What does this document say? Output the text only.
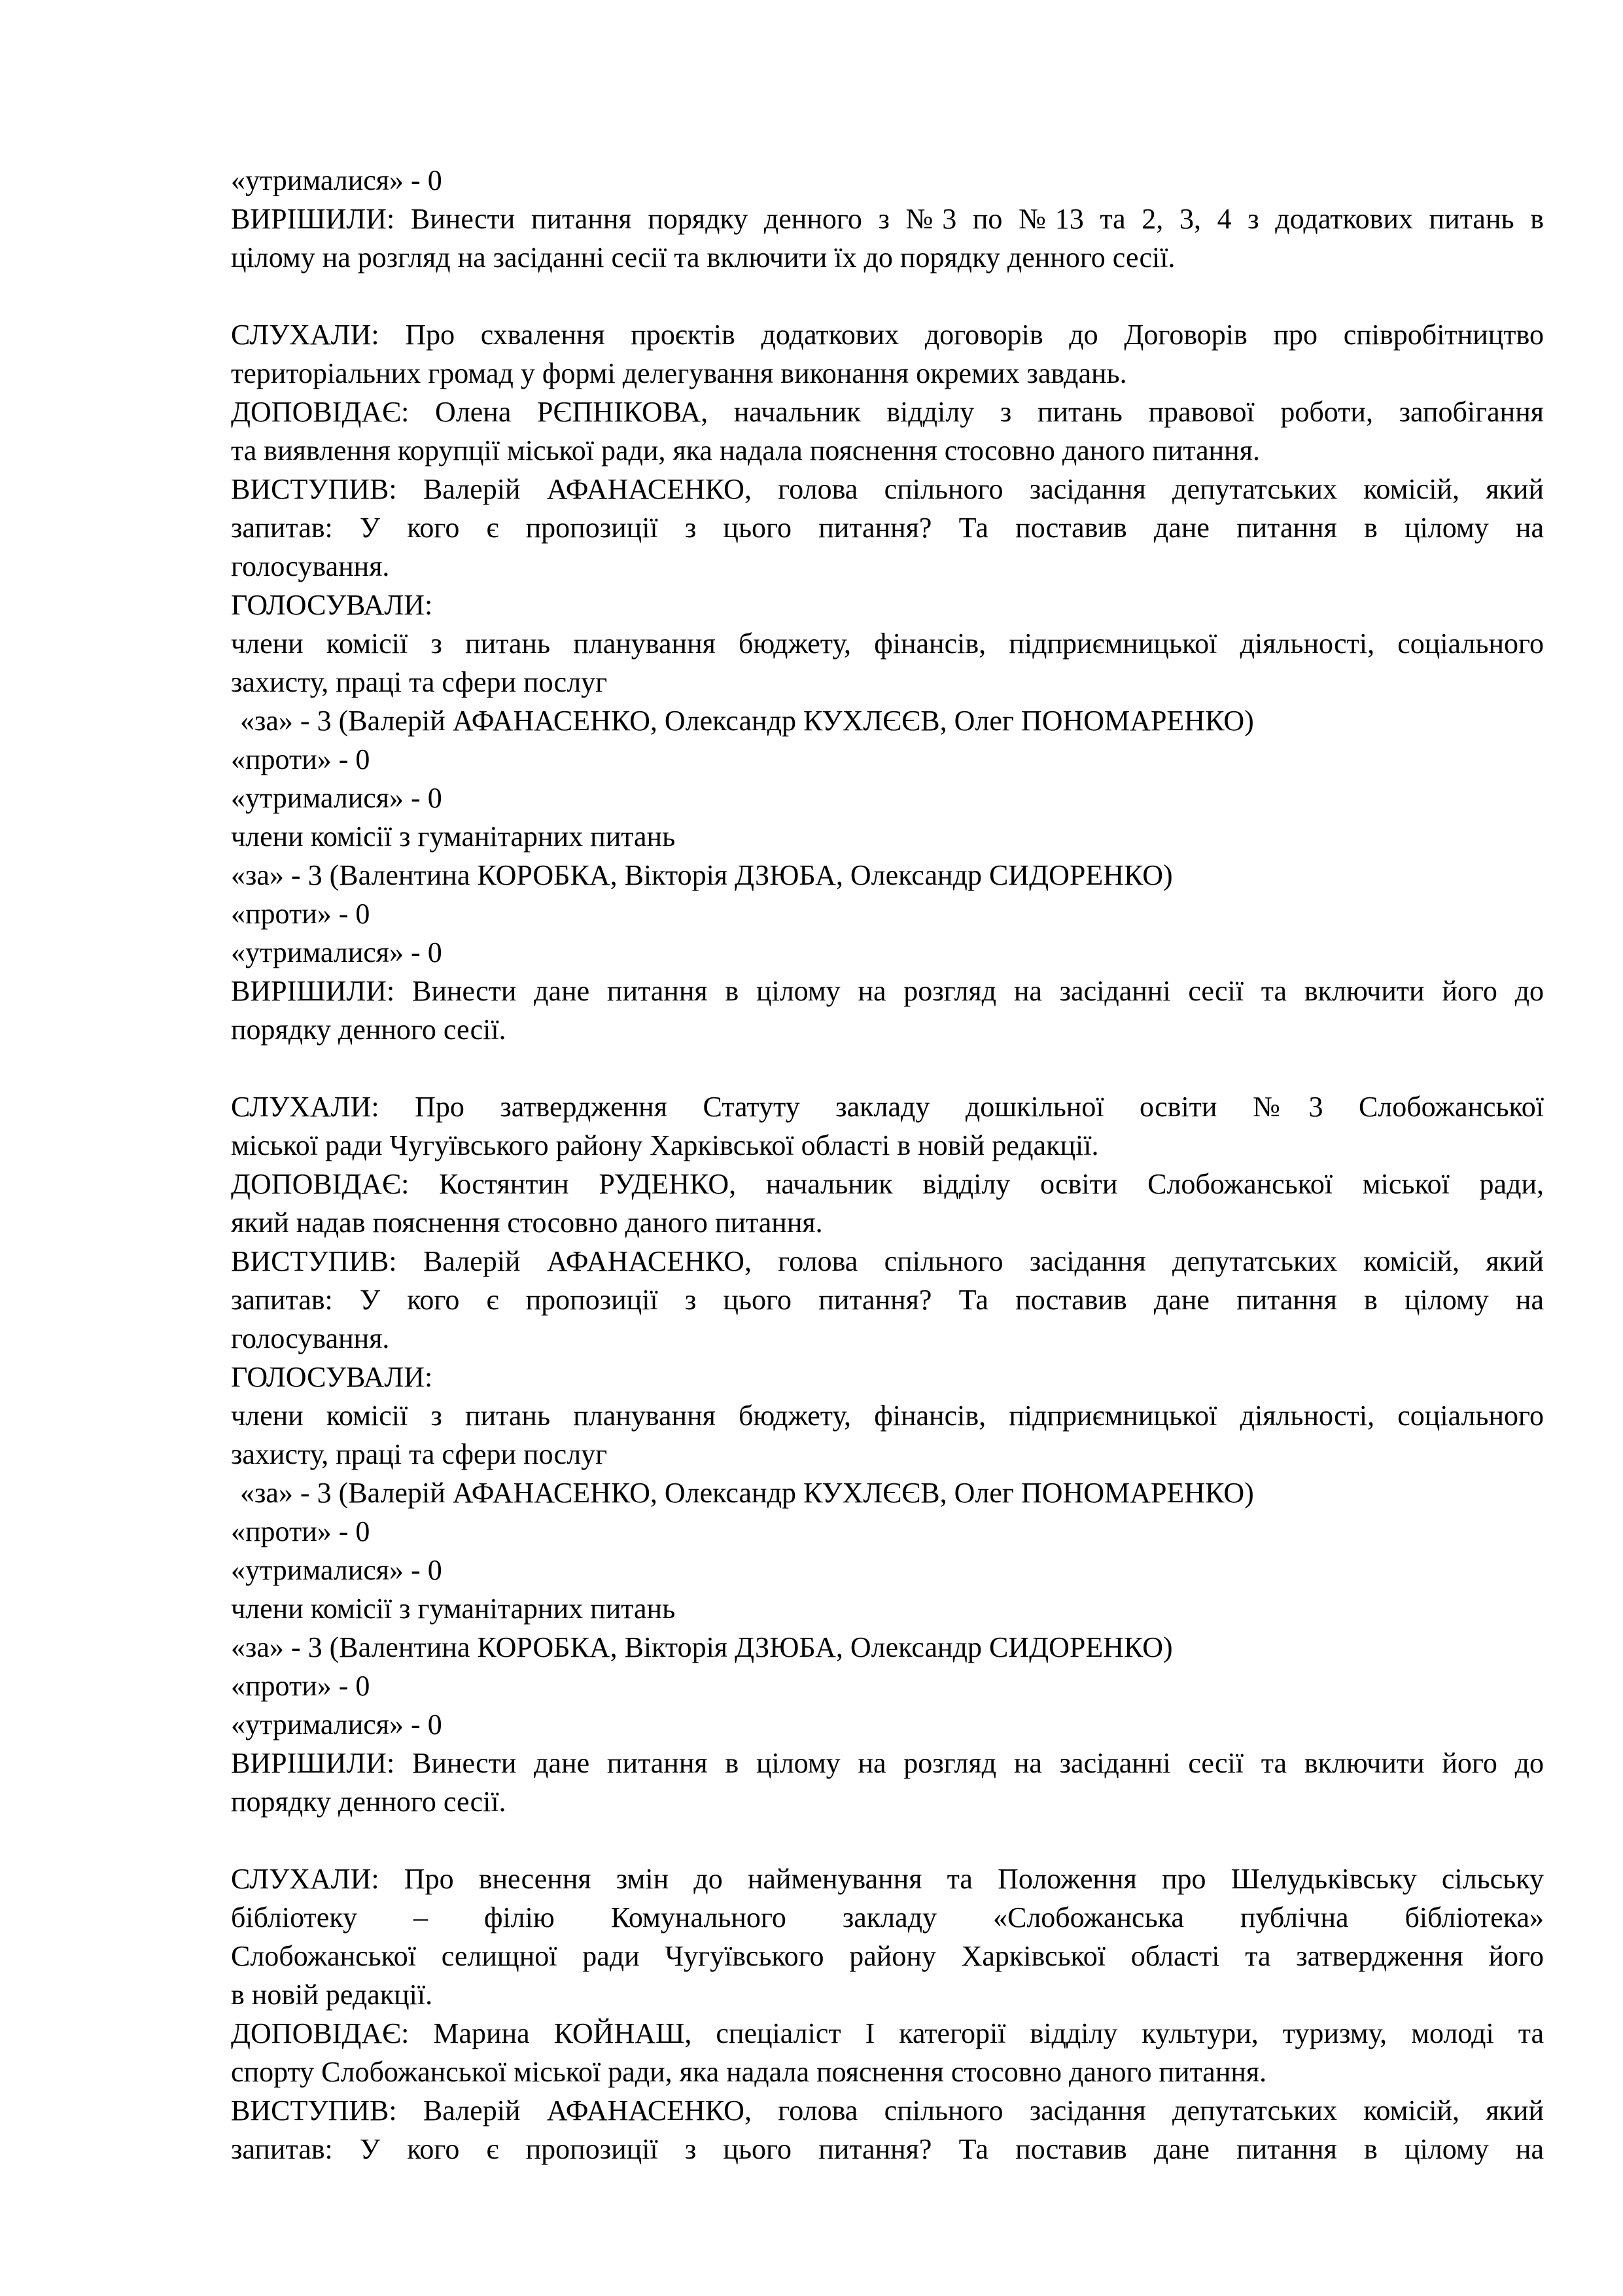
«утрималися» - 0
ВИРІШИЛИ: Винести питання порядку денного з №3 по №13 та 2, 3, 4 з додаткових питань в
цілому на розгляд на засіданні сесії та включити їх до порядку денного сесії.
СЛУХАЛИ: Про схвалення проєктів додаткових договорів до Договорів про співробітництво
територіальних громад у формі делегування виконання окремих завдань.
ДОПОВІДАЄ: Олена РЄПНІКОВА, начальник відділу з питань правової роботи, запобігання
та виявлення корупції міської ради, яка надала пояснення стосовно даного питання.
ВИСТУПИВ: Валерій АФАНАСЕНКО, голова спільного засідання депутатських комісій, який
запитав: У кого є пропозиції з цього питання? Та поставив дане питання в цілому на
голосування.
ГОЛОСУВАЛИ:
члени комісії з питань планування бюджету, фінансів, підприємницької діяльності, соціального
захисту, праці та сфери послуг
«за» - 3 (Валерій АФАНАСЕНКО, Олександр КУХЛЄЄВ, Олег ПОНОМАРЕНКО)
«проти» - 0
«утрималися» - 0
члени комісії з гуманітарних питань
«за» - 3 (Валентина КОРОБКА, Вікторія ДЗЮБА, Олександр СИДОРЕНКО)
«проти» - 0
«утрималися» - 0
ВИРІШИЛИ: Винести дане питання в цілому на розгляд на засіданні сесії та включити його до
порядку денного сесії.
СЛУХАЛИ: Про затвердження Статуту закладу дошкільної освіти №3 Слобожанської
міської ради Чугуївського району Харківської області в новій редакції.
ДОПОВІДАЄ: Костянтин РУДЕНКО, начальник відділу освіти Слобожанської міської ради,
який надав пояснення стосовно даного питання.
ВИСТУПИВ: Валерій АФАНАСЕНКО, голова спільного засідання депутатських комісій, який
запитав: У кого є пропозиції з цього питання? Та поставив дане питання в цілому на
голосування.
ГОЛОСУВАЛИ:
члени комісії з питань планування бюджету, фінансів, підприємницької діяльності, соціального
захисту, праці та сфери послуг
«за» - 3 (Валерій АФАНАСЕНКО, Олександр КУХЛЄЄВ, Олег ПОНОМАРЕНКО)
«проти» - 0
«утрималися» - 0
члени комісії з гуманітарних питань
«за» - 3 (Валентина КОРОБКА, Вікторія ДЗЮБА, Олександр СИДОРЕНКО)
«проти» - 0
«утрималися» - 0
ВИРІШИЛИ: Винести дане питання в цілому на розгляд на засіданні сесії та включити його до
порядку денного сесії.
СЛУХАЛИ: Про внесення змін до найменування та Положення про Шелудьківську сільську
бібліотеку – філію Комунального закладу «Слобожанська публічна бібліотека»
Слобожанської селищної ради Чугуївського району Харківської області та затвердження його
в новій редакції.
ДОПОВІДАЄ: Марина КОЙНАШ, спеціаліст І категорії відділу культури, туризму, молоді та
спорту Слобожанської міської ради, яка надала пояснення стосовно даного питання.
ВИСТУПИВ: Валерій АФАНАСЕНКО, голова спільного засідання депутатських комісій, який
запитав: У кого є пропозиції з цього питання? Та поставив дане питання в цілому на
